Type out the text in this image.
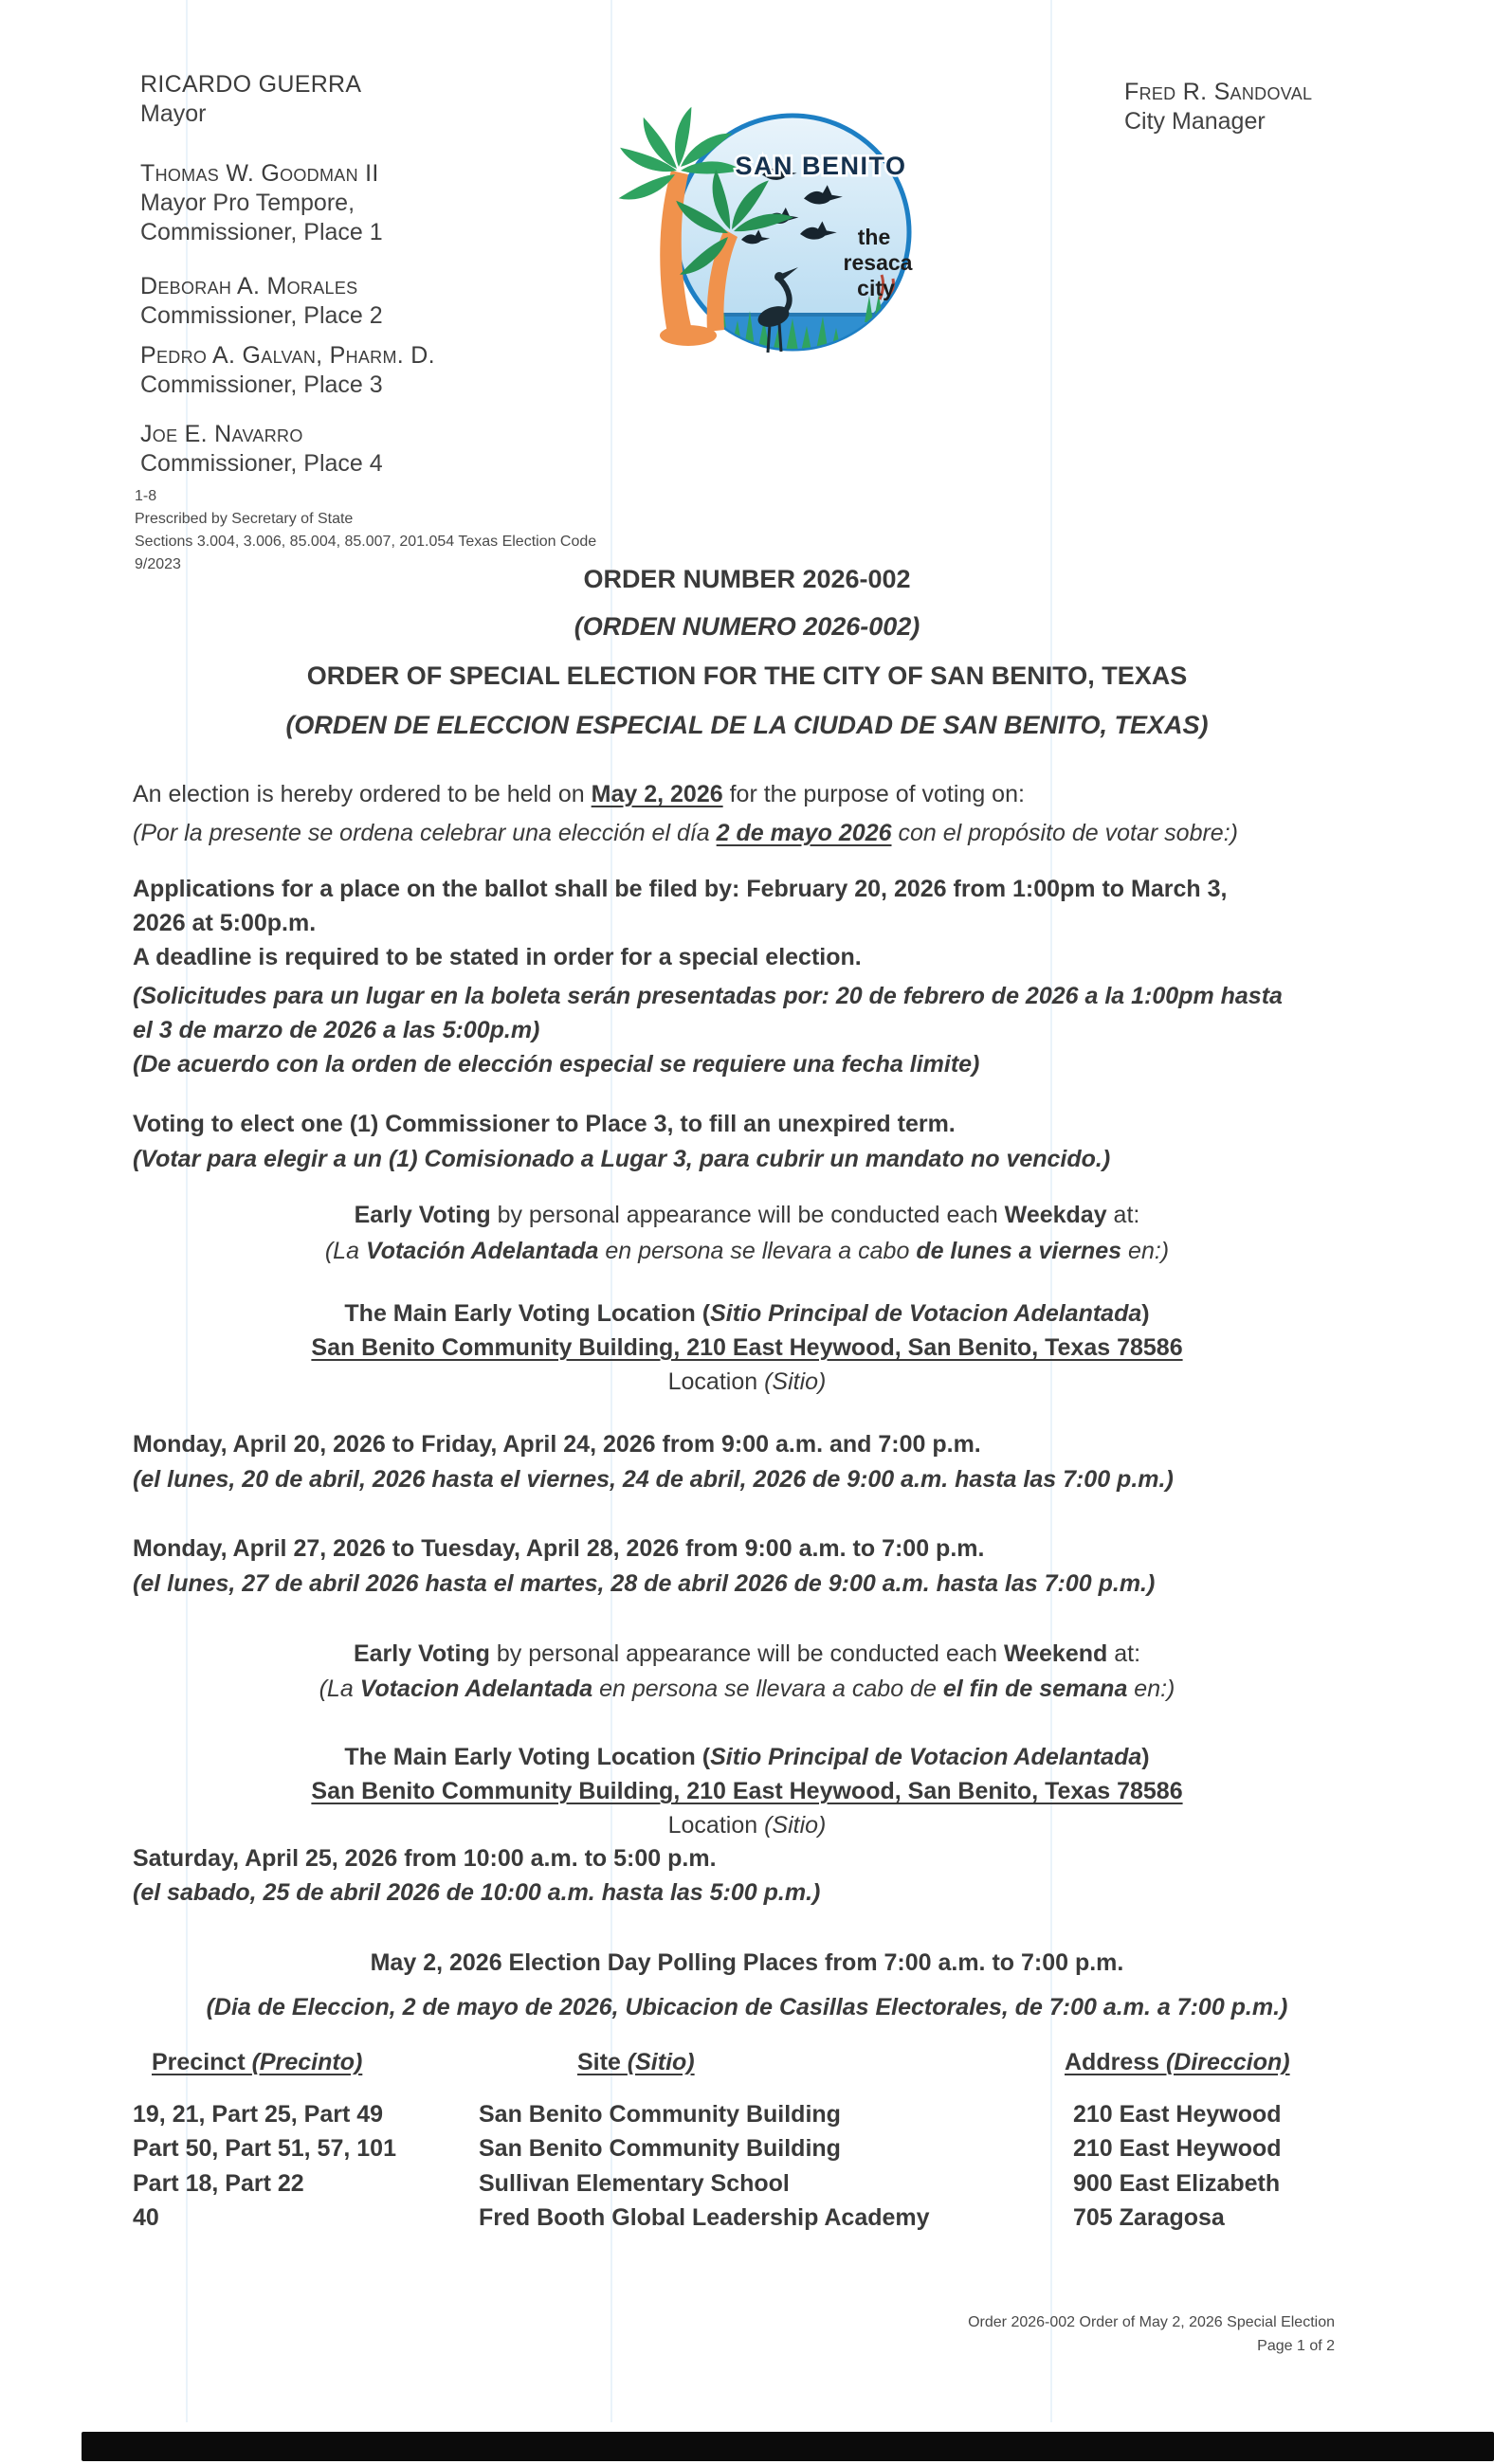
RICARDO GUERRA
Mayor
Thomas W. Goodman II
Mayor Pro Tempore,
Commissioner, Place 1
Deborah A. Morales
Commissioner, Place 2
Pedro A. Galvan, Pharm. D.
Commissioner, Place 3
Joe E. Navarro
Commissioner, Place 4
SAN BENITO
the
resaca
city
Fred R. Sandoval
City Manager
1-8
Prescribed by Secretary of State
Sections 3.004, 3.006, 85.004, 85.007, 201.054 Texas Election Code
9/2023
ORDER NUMBER 2026-002
(ORDEN NUMERO 2026-002)
ORDER OF SPECIAL ELECTION FOR THE CITY OF SAN BENITO, TEXAS
(ORDEN DE ELECCION ESPECIAL DE LA CIUDAD DE SAN BENITO, TEXAS)
An election is hereby ordered to be held on May 2, 2026 for the purpose of voting on:
(Por la presente se ordena celebrar una elección el día 2 de mayo 2026 con el propósito de votar sobre:)
Applications for a place on the ballot shall be filed by: February 20, 2026 from 1:00pm to March 3,
2026 at 5:00p.m.
A deadline is required to be stated in order for a special election.
(Solicitudes para un lugar en la boleta serán presentadas por: 20 de febrero de 2026 a la 1:00pm hasta
el 3 de marzo de 2026 a las 5:00p.m)
(De acuerdo con la orden de elección especial se requiere una fecha limite)
Voting to elect one (1) Commissioner to Place 3, to fill an unexpired term.
(Votar para elegir a un (1) Comisionado a Lugar 3, para cubrir un mandato no vencido.)
Early Voting by personal appearance will be conducted each Weekday at:
(La Votación Adelantada en persona se llevara a cabo de lunes a viernes en:)
The Main Early Voting Location (Sitio Principal de Votacion Adelantada)
San Benito Community Building, 210 East Heywood, San Benito, Texas 78586
Location (Sitio)
Monday, April 20, 2026 to Friday, April 24, 2026 from 9:00 a.m. and 7:00 p.m.
(el lunes, 20 de abril, 2026 hasta el viernes, 24 de abril, 2026 de 9:00 a.m. hasta las 7:00 p.m.)
Monday, April 27, 2026 to Tuesday, April 28, 2026 from 9:00 a.m. to 7:00 p.m.
(el lunes, 27 de abril 2026 hasta el martes, 28 de abril 2026 de 9:00 a.m. hasta las 7:00 p.m.)
Early Voting by personal appearance will be conducted each Weekend at:
(La Votacion Adelantada en persona se llevara a cabo de el fin de semana en:)
The Main Early Voting Location (Sitio Principal de Votacion Adelantada)
San Benito Community Building, 210 East Heywood, San Benito, Texas 78586
Location (Sitio)
Saturday, April 25, 2026 from 10:00 a.m. to 5:00 p.m.
(el sabado, 25 de abril 2026 de 10:00 a.m. hasta las 5:00 p.m.)
May 2, 2026 Election Day Polling Places from 7:00 a.m. to 7:00 p.m.
(Dia de Eleccion, 2 de mayo de 2026, Ubicacion de Casillas Electorales, de 7:00 a.m. a 7:00 p.m.)
Precinct (Precinto)	Site (Sitio)	Address (Direccion)
19, 21, Part 25, Part 49	San Benito Community Building	210 East Heywood
Part 50, Part 51, 57, 101	San Benito Community Building	210 East Heywood
Part 18, Part 22	Sullivan Elementary School	900 East Elizabeth
40	Fred Booth Global Leadership Academy	705 Zaragosa
Order 2026-002 Order of May 2, 2026 Special Election
Page 1 of 2
